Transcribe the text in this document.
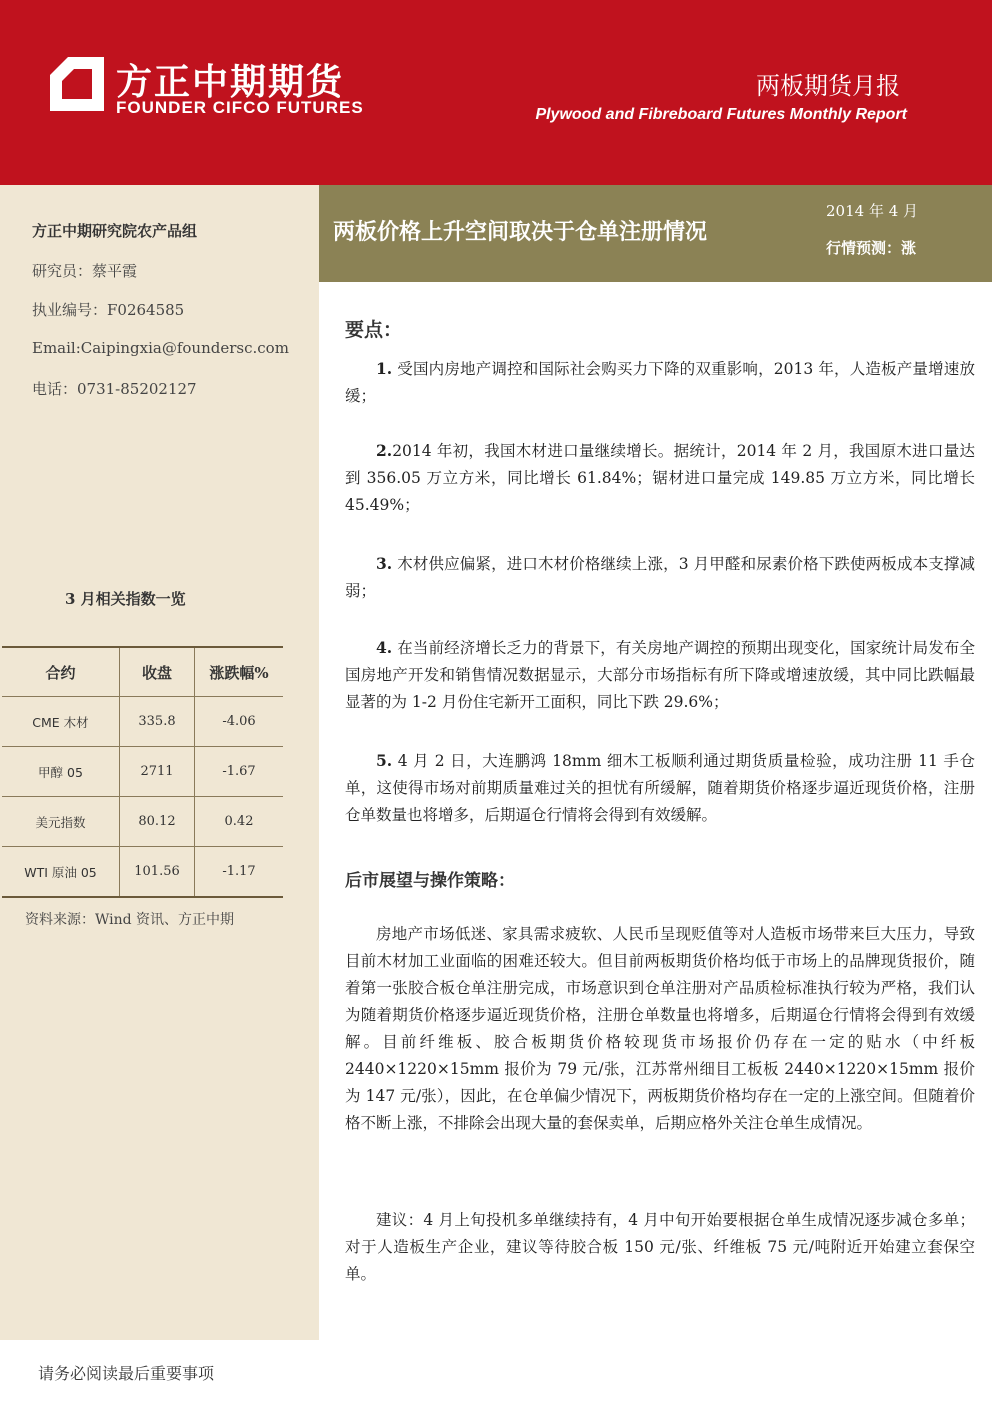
方正中期期货
FOUNDER CIFCO FUTURES
两板期货月报
Plywood and Fibreboard Futures Monthly Report
方正中期研究院农产品组
研究员：蔡平霞
执业编号：F0264585
Email:Caipingxia@foundersc.com
电话：0731-85202127
3 月相关指数一览
合约	收盘	涨跌幅%
CME 木材	335.8	-4.06
甲醇 05	2711	-1.67
美元指数	80.12	0.42
WTI 原油 05	101.56	-1.17
资料来源：Wind 资讯、方正中期
两板价格上升空间取决于仓单注册情况
2014 年 4 月
行情预测：涨
要点：
1. 受国内房地产调控和国际社会购买力下降的双重影响，2013 年，人造板产量增速放缓；
2.2014 年初，我国木材进口量继续增长。据统计，2014 年 2 月，我国原木进口量达到 356.05 万立方米，同比增长 61.84%；锯材进口量完成 149.85 万立方米，同比增长 45.49%；
3. 木材供应偏紧，进口木材价格继续上涨，3 月甲醛和尿素价格下跌使两板成本支撑减弱；
4. 在当前经济增长乏力的背景下，有关房地产调控的预期出现变化，国家统计局发布全国房地产开发和销售情况数据显示，大部分市场指标有所下降或增速放缓，其中同比跌幅最显著的为 1-2 月份住宅新开工面积，同比下跌 29.6%；
5. 4 月 2 日，大连鹏鸿 18mm 细木工板顺利通过期货质量检验，成功注册 11 手仓单，这使得市场对前期质量难过关的担忧有所缓解，随着期货价格逐步逼近现货价格，注册仓单数量也将增多，后期逼仓行情将会得到有效缓解。
后市展望与操作策略：
房地产市场低迷、家具需求疲软、人民币呈现贬值等对人造板市场带来巨大压力，导致目前木材加工业面临的困难还较大。但目前两板期货价格均低于市场上的品牌现货报价，随着第一张胶合板仓单注册完成，市场意识到仓单注册对产品质检标准执行较为严格，我们认为随着期货价格逐步逼近现货价格，注册仓单数量也将增多，后期逼仓行情将会得到有效缓解。目前纤维板、胶合板期货价格较现货市场报价仍存在一定的贴水（中纤板 2440×1220×15mm 报价为 79 元/张，江苏常州细目工板板 2440×1220×15mm 报价为 147 元/张），因此，在仓单偏少情况下，两板期货价格均存在一定的上涨空间。但随着价格不断上涨，不排除会出现大量的套保卖单，后期应格外关注仓单生成情况。
建议：4 月上旬投机多单继续持有，4 月中旬开始要根据仓单生成情况逐步减仓多单；对于人造板生产企业，建议等待胶合板 150 元/张、纤维板 75 元/吨附近开始建立套保空单。
请务必阅读最后重要事项
